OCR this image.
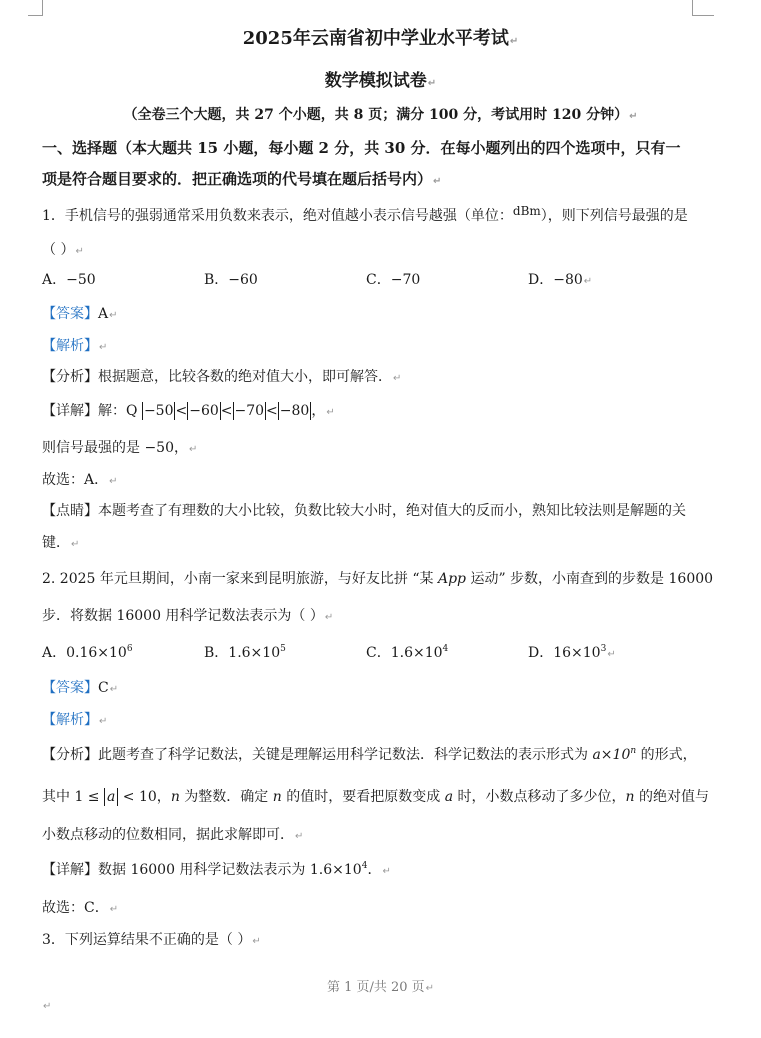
2025年云南省初中学业水平考试↵
数学模拟试卷↵
（全卷三个大题，共 27 个小题，共 8 页；满分 100 分，考试用时 120 分钟）↵
一、选择题（本大题共 15 小题，每小题 2 分，共 30 分．在每小题列出的四个选项中，只有一
项是符合题目要求的．把正确选项的代号填在题后括号内）↵
1．手机信号的强弱通常采用负数来表示，绝对值越小表示信号越强（单位：$^{dBm}$），则下列信号最强的是
（ ）↵
A．−50	B．−60	C．−70	D．−80↵
【答案】A↵
【解析】↵
【分析】根据题意，比较各数的绝对值大小，即可解答．↵
【详解】解：Q −50 < −60 < −70 < −80 ，↵
则信号最强的是 −50，↵
故选：A．↵
【点睛】本题考查了有理数的大小比较，负数比较大小时，绝对值大的反而小，熟知比较法则是解题的关
键．↵
2. 2025 年元旦期间，小南一家来到昆明旅游，与好友比拼 “某 App 运动” 步数，小南查到的步数是 16000
步．将数据 16000 用科学记数法表示为（ ）↵
A．$0.16\times 10^6$	B．$1.6\times 10^5$	C．$1.6\times 10^4$	D．$16\times 10^3↵$
【答案】C↵
【解析】↵
【分析】此题考查了科学记数法，关键是理解运用科学记数法．科学记数法的表示形式为 $a\times 10^n$ 的形式，
其中 1 ≤ a < 10，n 为整数．确定 n 的值时，要看把原数变成 a 时，小数点移动了多少位，n 的绝对值与
小数点移动的位数相同，据此求解即可．↵
【详解】数据 16000 用科学记数法表示为 $1.6\times 10^4$．↵
故选：C．↵
3．下列运算结果不正确的是（ ）↵
第 1 页/共 20 页↵
↵
